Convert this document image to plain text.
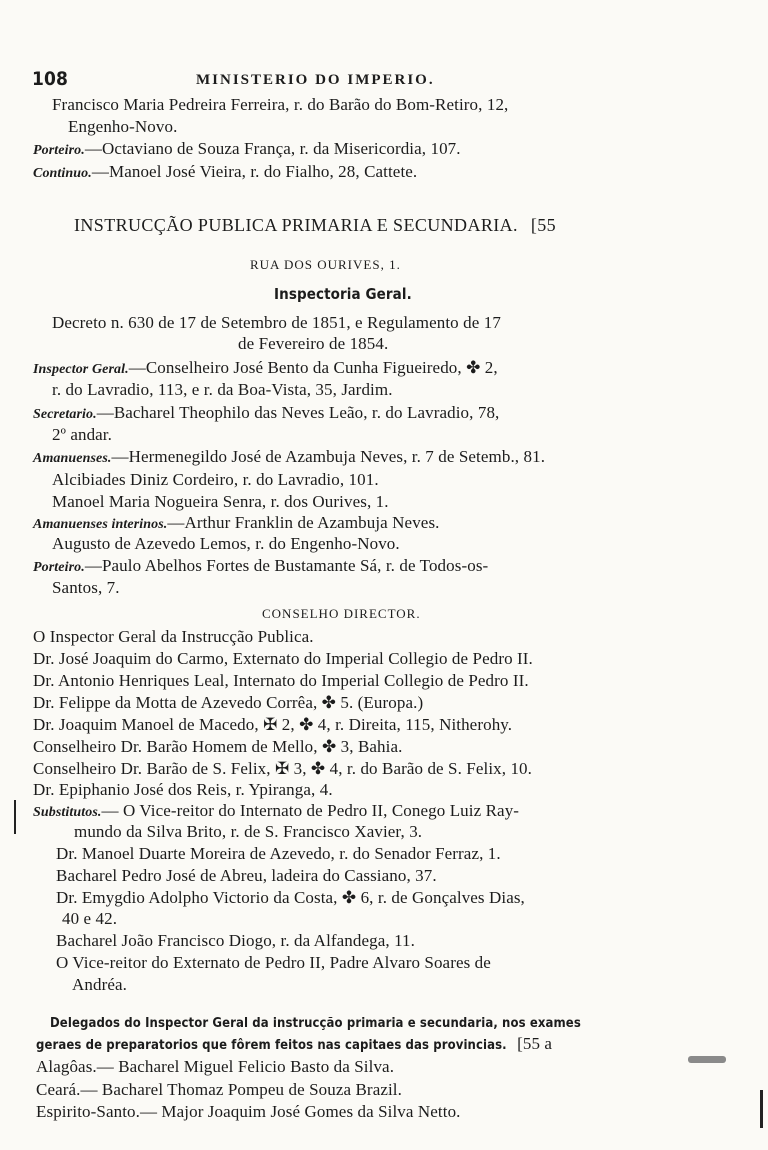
108	MINISTERIO DO IMPERIO.
Francisco Maria Pedreira Ferreira, r. do Barão do Bom-Retiro, 12,
Engenho-Novo.
Porteiro.—Octaviano de Souza França, r. da Misericordia, 107.
Continuo.—Manoel José Vieira, r. do Fialho, 28, Cattete.
INSTRUCÇÃO PUBLICA PRIMARIA E SECUNDARIA. [55
RUA DOS OURIVES, 1.
Inspectoria Geral.
Decreto n. 630 de 17 de Setembro de 1851, e Regulamento de 17
de Fevereiro de 1854.
Inspector Geral.—Conselheiro José Bento da Cunha Figueiredo, ✤ 2,
r. do Lavradio, 113, e r. da Boa-Vista, 35, Jardim.
Secretario.—Bacharel Theophilo das Neves Leão, r. do Lavradio, 78,
2º andar.
Amanuenses.—Hermenegildo José de Azambuja Neves, r. 7 de Setemb., 81.
Alcibiades Diniz Cordeiro, r. do Lavradio, 101.
Manoel Maria Nogueira Senra, r. dos Ourives, 1.
Amanuenses interinos.—Arthur Franklin de Azambuja Neves.
Augusto de Azevedo Lemos, r. do Engenho-Novo.
Porteiro.—Paulo Abelhos Fortes de Bustamante Sá, r. de Todos-os-
Santos, 7.
CONSELHO DIRECTOR.
O Inspector Geral da Instrucção Publica.
Dr. José Joaquim do Carmo, Externato do Imperial Collegio de Pedro II.
Dr. Antonio Henriques Leal, Internato do Imperial Collegio de Pedro II.
Dr. Felippe da Motta de Azevedo Corrêa, ✤ 5. (Europa.)
Dr. Joaquim Manoel de Macedo, ✠ 2, ✤ 4, r. Direita, 115, Nitherohy.
Conselheiro Dr. Barão Homem de Mello, ✤ 3, Bahia.
Conselheiro Dr. Barão de S. Felix, ✠ 3, ✤ 4, r. do Barão de S. Felix, 10.
Dr. Epiphanio José dos Reis, r. Ypiranga, 4.
Substitutos.— O Vice-reitor do Internato de Pedro II, Conego Luiz Ray-
mundo da Silva Brito, r. de S. Francisco Xavier, 3.
Dr. Manoel Duarte Moreira de Azevedo, r. do Senador Ferraz, 1.
Bacharel Pedro José de Abreu, ladeira do Cassiano, 37.
Dr. Emygdio Adolpho Victorio da Costa, ✤ 6, r. de Gonçalves Dias,
40 e 42.
Bacharel João Francisco Diogo, r. da Alfandega, 11.
O Vice-reitor do Externato de Pedro II, Padre Alvaro Soares de
Andréa.
Delegados do Inspector Geral da instrucção primaria e secundaria, nos exames
geraes de preparatorios que fôrem feitos nas capitaes das provincias. [55 a
Alagôas.— Bacharel Miguel Felicio Basto da Silva.
Ceará.— Bacharel Thomaz Pompeu de Souza Brazil.
Espirito-Santo.— Major Joaquim José Gomes da Silva Netto.
